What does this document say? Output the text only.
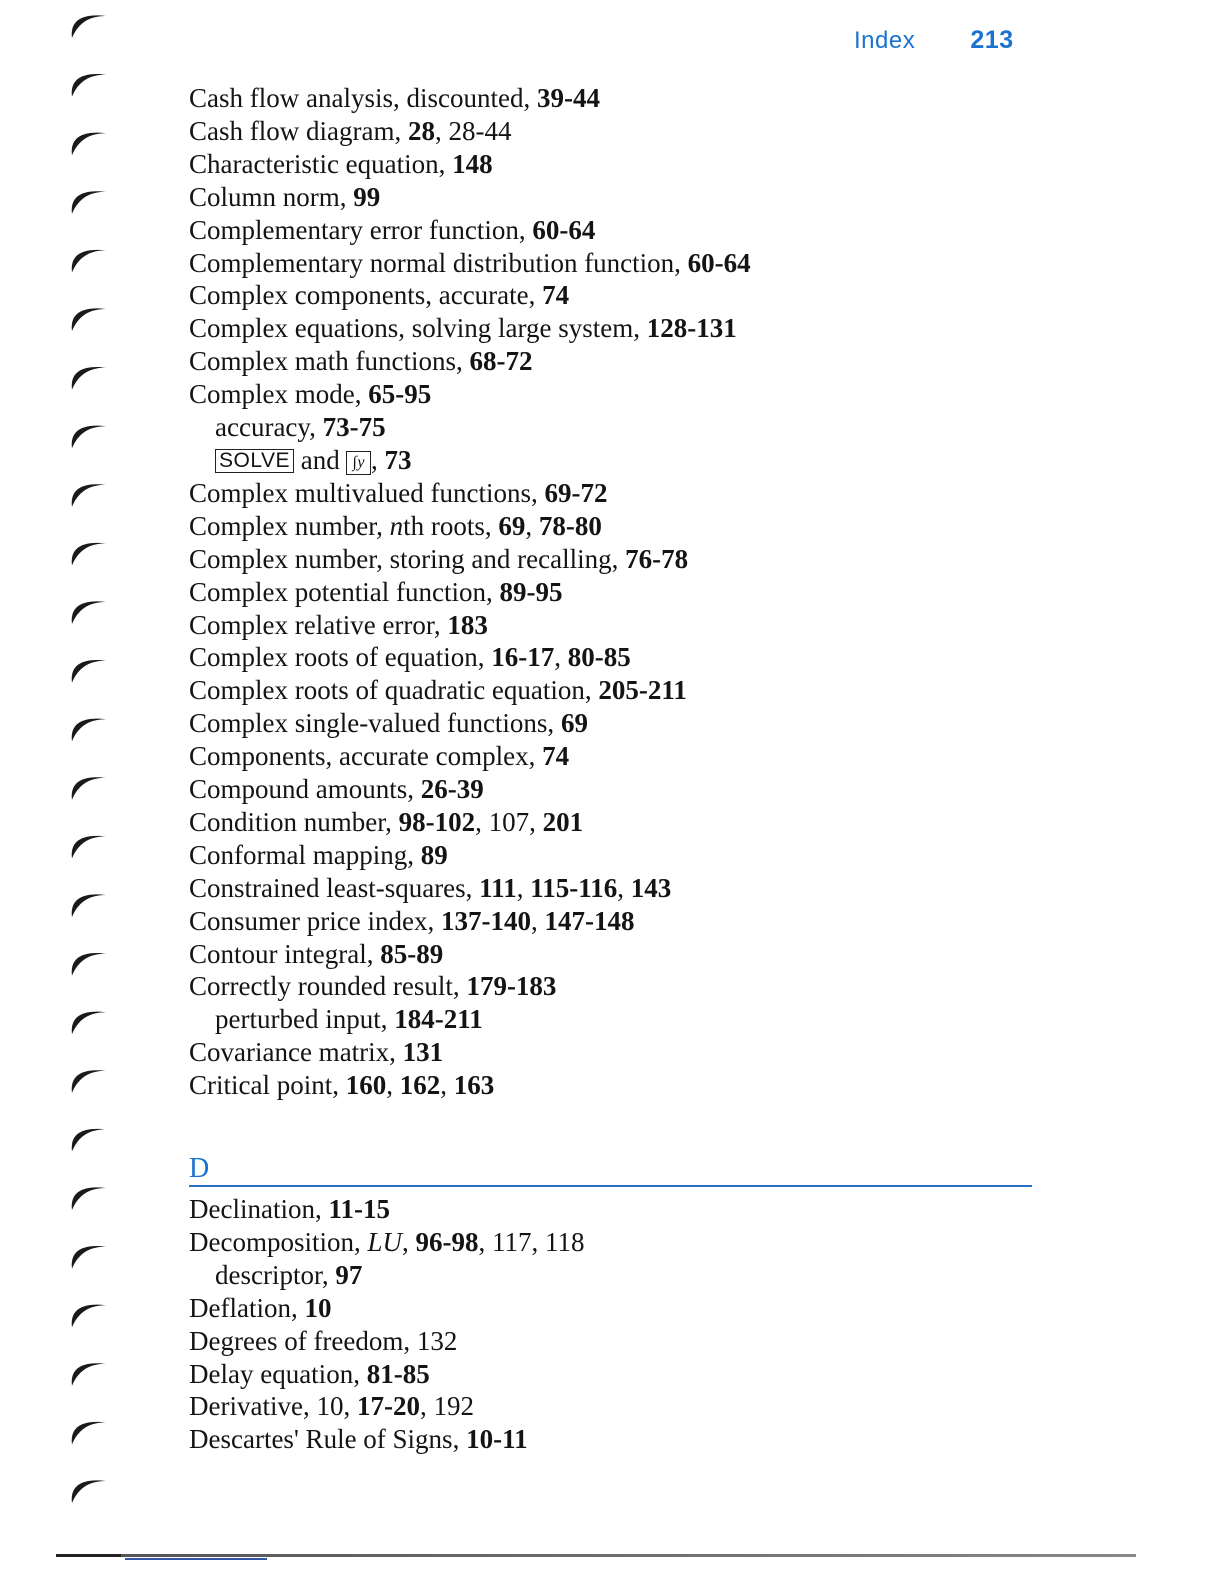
Index 213
Cash flow analysis, discounted, 39-44
Cash flow diagram, 28, 28-44
Characteristic equation, 148
Column norm, 99
Complementary error function, 60-64
Complementary normal distribution function, 60-64
Complex components, accurate, 74
Complex equations, solving large system, 128-131
Complex math functions, 68-72
Complex mode, 65-95
accuracy, 73-75
SOLVE and ∫y , 73
Complex multivalued functions, 69-72
Complex number, nth roots, 69, 78-80
Complex number, storing and recalling, 76-78
Complex potential function, 89-95
Complex relative error, 183
Complex roots of equation, 16-17, 80-85
Complex roots of quadratic equation, 205-211
Complex single-valued functions, 69
Components, accurate complex, 74
Compound amounts, 26-39
Condition number, 98-102, 107, 201
Conformal mapping, 89
Constrained least-squares, 111, 115-116, 143
Consumer price index, 137-140, 147-148
Contour integral, 85-89
Correctly rounded result, 179-183
perturbed input, 184-211
Covariance matrix, 131
Critical point, 160, 162, 163
D
Declination, 11-15
Decomposition, LU, 96-98, 117, 118
descriptor, 97
Deflation, 10
Degrees of freedom, 132
Delay equation, 81-85
Derivative, 10, 17-20, 192
Descartes' Rule of Signs, 10-11
